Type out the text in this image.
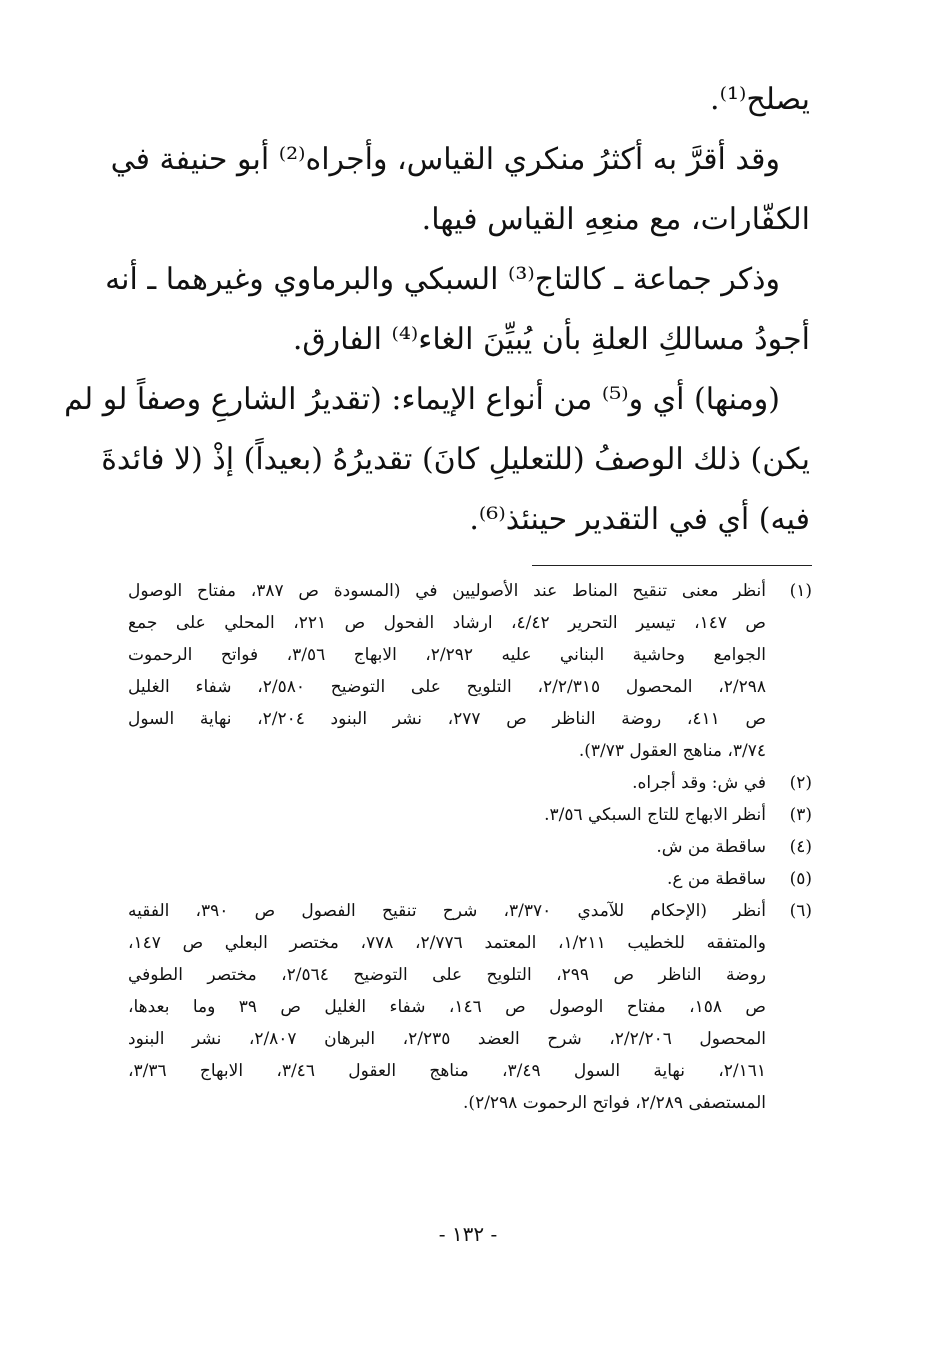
يصلح⁽¹⁾.
وقد أقرَّ به أكثرُ منكري القياس، وأجراه⁽²⁾ أبو حنيفة في
الكفّارات، مع منعِهِ القياس فيها.
وذكر جماعة ـ كالتاج⁽³⁾ السبكي والبرماوي وغيرهما ـ أنه
أجودُ مسالكِ العلةِ بأن يُبيِّنَ الغاء⁽⁴⁾ الفارق.
(ومنها) أي و⁽⁵⁾ من أنواع الإيماء: (تقديرُ الشارعِ وصفاً لو لم
يكن) ذلك الوصفُ (للتعليلِ كانَ) تقديرُهُ (بعيداً) إذْ (لا فائدةَ
فيه) أي في التقدير حينئذ⁽⁶⁾.
(١)
أنظر معنى تنقيح المناط عند الأصوليين في (المسودة ص ٣٨٧، مفتاح الوصول
ص ١٤٧، تيسير التحرير ٤/٤٢، ارشاد الفحول ص ٢٢١، المحلي على جمع
الجوامع وحاشية البناني عليه ٢/٢٩٢، الابهاج ٣/٥٦، فواتح الرحموت
٢/٢٩٨، المحصول ٢/٢/٣١٥، التلويح على التوضيح ٢/٥٨٠، شفاء الغليل
ص ٤١١، روضة الناظر ص ٢٧٧، نشر البنود ٢/٢٠٤، نهاية السول
٣/٧٤، مناهج العقول ٣/٧٣).
(٢)
في ش: وقد أجراه.
(٣)
أنظر الابهاج للتاج السبكي ٣/٥٦.
(٤)
ساقطة من ش.
(٥)
ساقطة من ع.
(٦)
أنظر (الإحكام للآمدي ٣/٣٧٠، شرح تنقيح الفصول ص ٣٩٠، الفقيه
والمتفقه للخطيب ١/٢١١، المعتمد ٢/٧٧٦، ٧٧٨، مختصر البعلي ص ١٤٧،
روضة الناظر ص ٢٩٩، التلويح على التوضيح ٢/٥٦٤، مختصر الطوفي
ص ١٥٨، مفتاح الوصول ص ١٤٦، شفاء الغليل ص ٣٩ وما بعدها،
المحصول ٢/٢/٢٠٦، شرح العضد ٢/٢٣٥، البرهان ٢/٨٠٧، نشر البنود
٢/١٦١، نهاية السول ٣/٤٩، مناهج العقول ٣/٤٦، الابهاج ٣/٣٦،
المستصفى ٢/٢٨٩، فواتح الرحموت ٢/٢٩٨).
- ١٣٢ -
